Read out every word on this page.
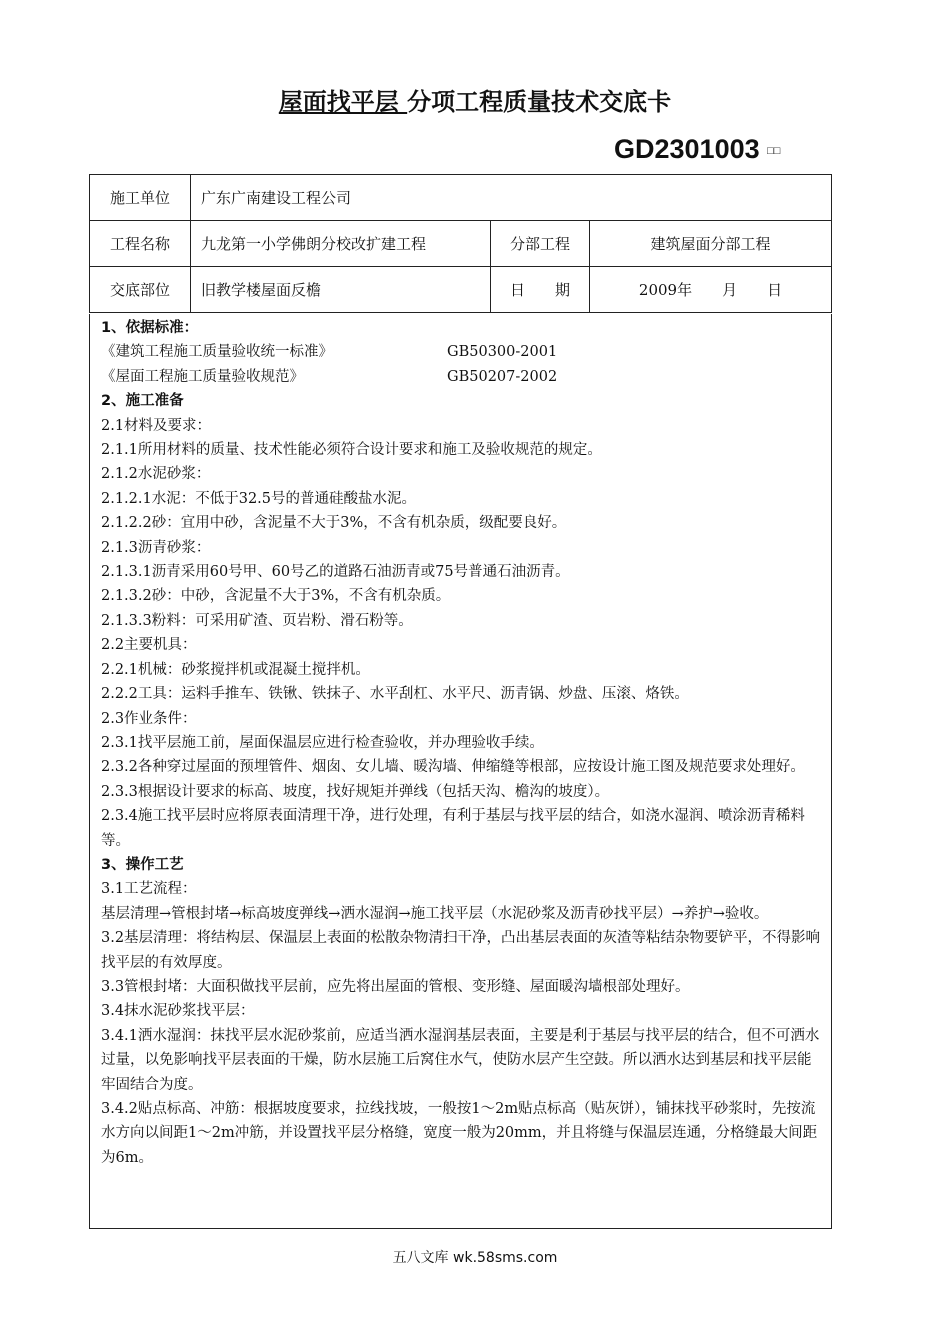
屋面找平层 分项工程质量技术交底卡
GD2301003 □□
施工单位	广东广南建设工程公司		
工程名称	九龙第一小学佛朗分校改扩建工程	分部工程	建筑屋面分部工程
交底部位	旧教学楼屋面反檐	日　　期	2009年　　月　　日

1、依据标准：

《建筑工程施工质量验收统一标准》	GB50300-2001

《屋面工程施工质量验收规范》	GB50207-2002

2、施工准备

2.1材料及要求：

2.1.1所用材料的质量、技术性能必须符合设计要求和施工及验收规范的规定。

2.1.2水泥砂浆：

2.1.2.1水泥：不低于32.5号的普通硅酸盐水泥。

2.1.2.2砂：宜用中砂，含泥量不大于3%，不含有机杂质，级配要良好。

2.1.3沥青砂浆：

2.1.3.1沥青采用60号甲、60号乙的道路石油沥青或75号普通石油沥青。

2.1.3.2砂：中砂，含泥量不大于3%，不含有机杂质。

2.1.3.3粉料：可采用矿渣、页岩粉、滑石粉等。

2.2主要机具：

2.2.1机械：砂浆搅拌机或混凝土搅拌机。

2.2.2工具：运料手推车、铁锹、铁抹子、水平刮杠、水平尺、沥青锅、炒盘、压滚、烙铁。

2.3作业条件：

2.3.1找平层施工前，屋面保温层应进行检查验收，并办理验收手续。

2.3.2各种穿过屋面的预埋管件、烟囱、女儿墙、暖沟墙、伸缩缝等根部，应按设计施工图及规范要求处理好。

2.3.3根据设计要求的标高、坡度，找好规矩并弹线（包括天沟、檐沟的坡度）。

2.3.4施工找平层时应将原表面清理干净，进行处理，有利于基层与找平层的结合，如浇水湿润、喷涂沥青稀料等。

3、操作工艺

3.1工艺流程：

基层清理→管根封堵→标高坡度弹线→洒水湿润→施工找平层（水泥砂浆及沥青砂找平层）→养护→验收。

3.2基层清理：将结构层、保温层上表面的松散杂物清扫干净，凸出基层表面的灰渣等粘结杂物要铲平，不得影响找平层的有效厚度。

3.3管根封堵：大面积做找平层前，应先将出屋面的管根、变形缝、屋面暖沟墙根部处理好。

3.4抹水泥砂浆找平层：

3.4.1洒水湿润：抹找平层水泥砂浆前，应适当洒水湿润基层表面，主要是利于基层与找平层的结合，但不可洒水过量，以免影响找平层表面的干燥，防水层施工后窝住水气，使防水层产生空鼓。所以洒水达到基层和找平层能牢固结合为度。

3.4.2贴点标高、冲筋：根据坡度要求，拉线找坡，一般按1～2m贴点标高（贴灰饼），铺抹找平砂浆时，先按流水方向以间距1～2m冲筋，并设置找平层分格缝，宽度一般为20mm，并且将缝与保温层连通，分格缝最大间距为6m。

五八文库 wk.58sms.com
